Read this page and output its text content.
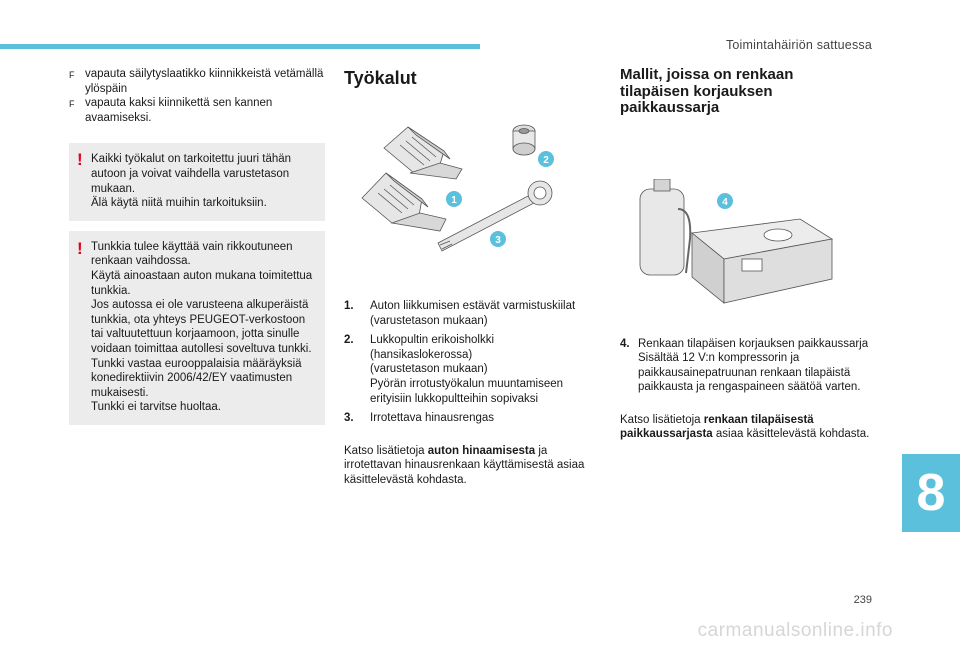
Toimintahäiriön sattuessa
F vapauta säilytyslaatikko kiinnikkeistä vetämällä ylöspäin
F vapauta kaksi kiinnikettä sen kannen avaamiseksi.
! Kaikki työkalut on tarkoitettu juuri tähän autoon ja voivat vaihdella varustetason mukaan.
Älä käytä niitä muihin tarkoituksiin.
! Tunkkia tulee käyttää vain rikkoutuneen renkaan vaihdossa.
Käytä ainoastaan auton mukana toimitettua tunkkia.
Jos autossa ei ole varusteena alkuperäistä tunkkia, ota yhteys PEUGEOT-verkostoon tai valtuutettuun korjaamoon, jotta sinulle voidaan toimittaa autollesi soveltuva tunkki.
Tunkki vastaa eurooppalaisia määräyksiä konedirektiivin 2006/42/EY vaatimusten mukaisesti.
Tunkki ei tarvitse huoltaa.
Työkalut
1
2
3
1.	Auton liikkumisen estävät varmistuskiilat
(varustetason mukaan)
2.	Lukkopultin erikoisholkki
(hansikaslokerossa)
(varustetason mukaan)
Pyörän irrotustyökalun muuntamiseen erityisiin lukkopultteihin sopivaksi
3.	Irrotettava hinausrengas
Katso lisätietoja auton hinaamisesta ja irrotettavan hinausrenkaan käyttämisestä asiaa käsittelevästä kohdasta.
Mallit, joissa on renkaan tilapäisen korjauksen paikkaussarja
4
4. Renkaan tilapäisen korjauksen paikkaussarja
Sisältää 12 V:n kompressorin ja paikkausainepatruunan renkaan tilapäistä paikkausta ja rengaspaineen säätöä varten.
Katso lisätietoja renkaan tilapäisestä paikkaussarjasta asiaa käsittelevästä kohdasta.
8
239
carmanualsonline.info
